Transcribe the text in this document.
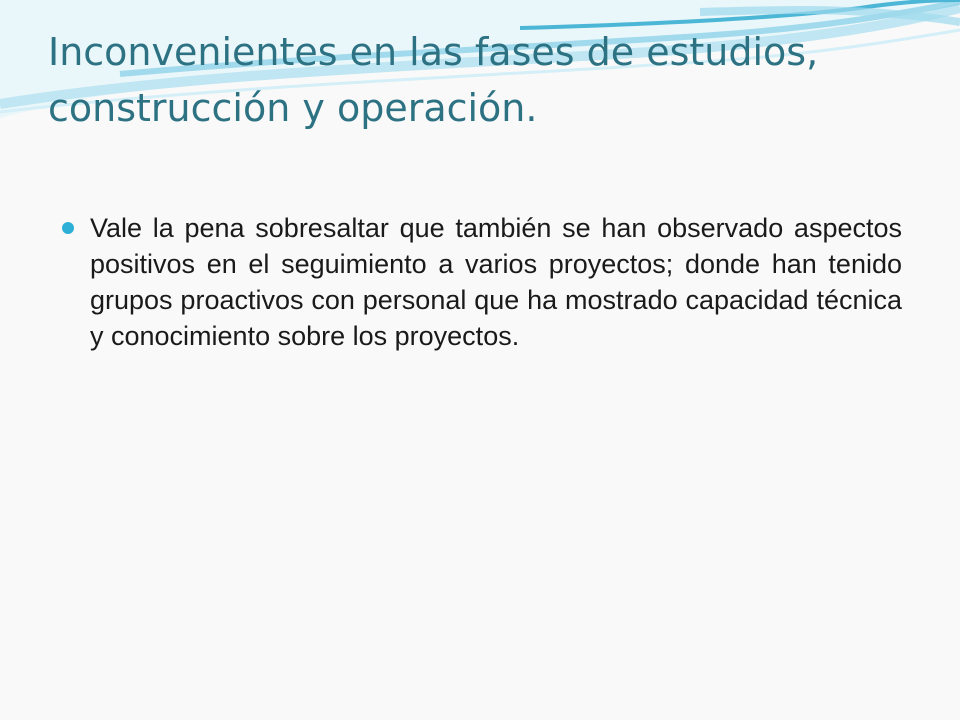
Inconvenientes en las fases de estudios,
construcción y operación.

Vale la pena sobresaltar que también se han observado aspectos positivos en el seguimiento a varios proyectos; donde han tenido grupos proactivos con personal que ha mostrado capacidad técnica y conocimiento sobre los proyectos.
